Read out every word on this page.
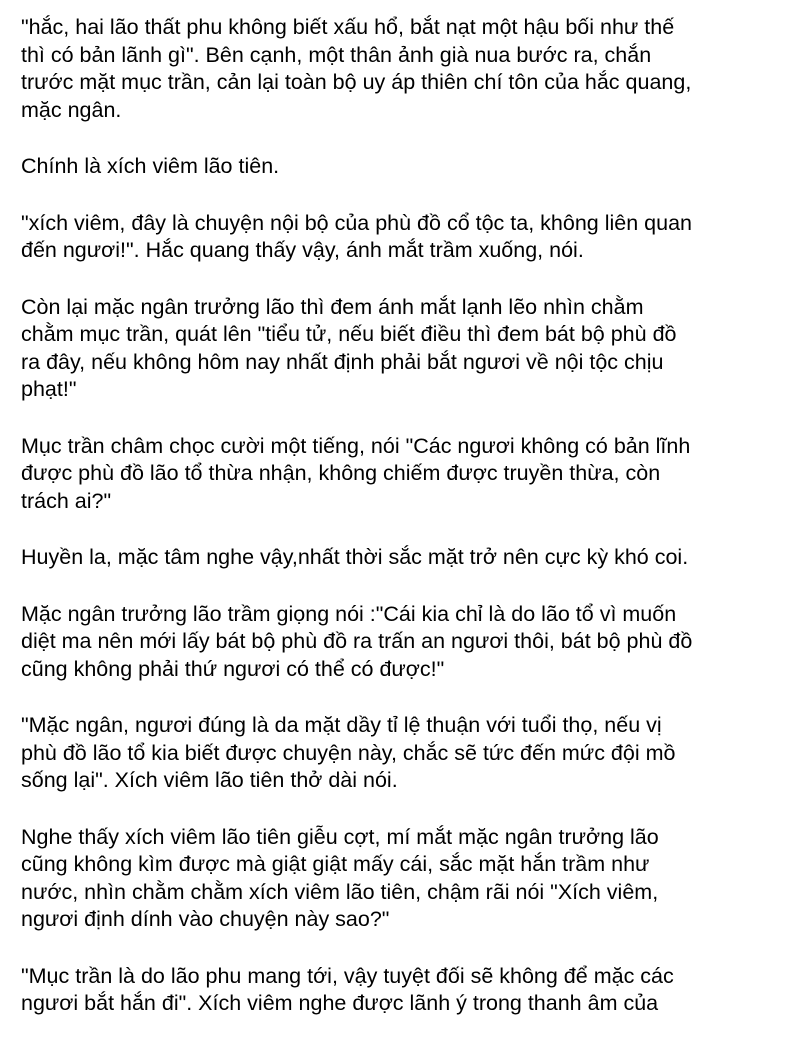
"hắc, hai lão thất phu không biết xấu hổ, bắt nạt một hậu bối như thế
thì có bản lãnh gì". Bên cạnh, một thân ảnh già nua bước ra, chắn
trước mặt mục trần, cản lại toàn bộ uy áp thiên chí tôn của hắc quang,
mặc ngân.

Chính là xích viêm lão tiên.

"xích viêm, đây là chuyện nội bộ của phù đồ cổ tộc ta, không liên quan
đến ngươi!". Hắc quang thấy vậy, ánh mắt trầm xuống, nói.

Còn lại mặc ngân trưởng lão thì đem ánh mắt lạnh lẽo nhìn chằm
chằm mục trần, quát lên "tiểu tử, nếu biết điều thì đem bát bộ phù đồ
ra đây, nếu không hôm nay nhất định phải bắt ngươi về nội tộc chịu
phạt!"

Mục trần châm chọc cười một tiếng, nói "Các ngươi không có bản lĩnh
được phù đồ lão tổ thừa nhận, không chiếm được truyền thừa, còn
trách ai?"

Huyền la, mặc tâm nghe vậy,nhất thời sắc mặt trở nên cực kỳ khó coi.

Mặc ngân trưởng lão trầm giọng nói :"Cái kia chỉ là do lão tổ vì muốn
diệt ma nên mới lấy bát bộ phù đồ ra trấn an ngươi thôi, bát bộ phù đồ
cũng không phải thứ ngươi có thể có được!"

"Mặc ngân, ngươi đúng là da mặt dầy tỉ lệ thuận với tuổi thọ, nếu vị
phù đồ lão tổ kia biết được chuyện này, chắc sẽ tức đến mức đội mồ
sống lại". Xích viêm lão tiên thở dài nói.

Nghe thấy xích viêm lão tiên giễu cợt, mí mắt mặc ngân trưởng lão
cũng không kìm được mà giật giật mấy cái, sắc mặt hắn trầm như
nước, nhìn chằm chằm xích viêm lão tiên, chậm rãi nói "Xích viêm,
ngươi định dính vào chuyện này sao?"

"Mục trần là do lão phu mang tới, vậy tuyệt đối sẽ không để mặc các
ngươi bắt hắn đi". Xích viêm nghe được lãnh ý trong thanh âm của
